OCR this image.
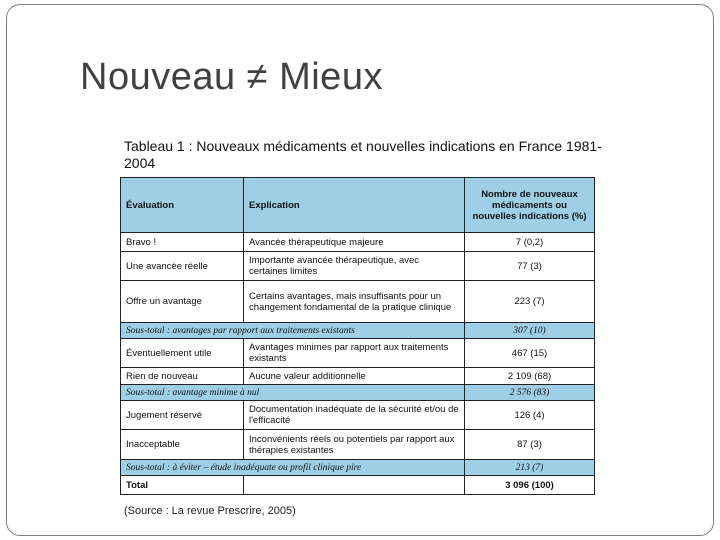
Nouveau ≠ Mieux
Tableau 1 : Nouveaux médicaments et nouvelles indications en France 1981-2004
Évaluation	Explication	Nombre de nouveaux médicaments ou nouvelles indications (%)
Bravo !	Avancée thérapeutique majeure	7 (0,2)
Une avancée réelle	Importante avancée thérapeutique, avec certaines limites	77 (3)
Offre un avantage	Certains avantages, mais insuffisants pour un changement fondamental de la pratique clinique	223 (7)
Sous-total : avantages par rapport aux traitements existants		307 (10)
Éventuellement utile	Avantages minimes par rapport aux traitements existants	467 (15)
Rien de nouveau	Aucune valeur additionnelle	2 109 (68)
Sous-total : avantage minime à nul		2 576 (83)
Jugement réservé	Documentation inadéquate de la sécurité et/ou de l'efficacité	126 (4)
Inacceptable	Inconvénients réels ou potentiels par rapport aux thérapies existantes	87 (3)
Sous-total : à éviter – étude inadéquate ou profil clinique pire		213 (7)
Total		3 096 (100)
(Source : La revue Prescrire, 2005)
